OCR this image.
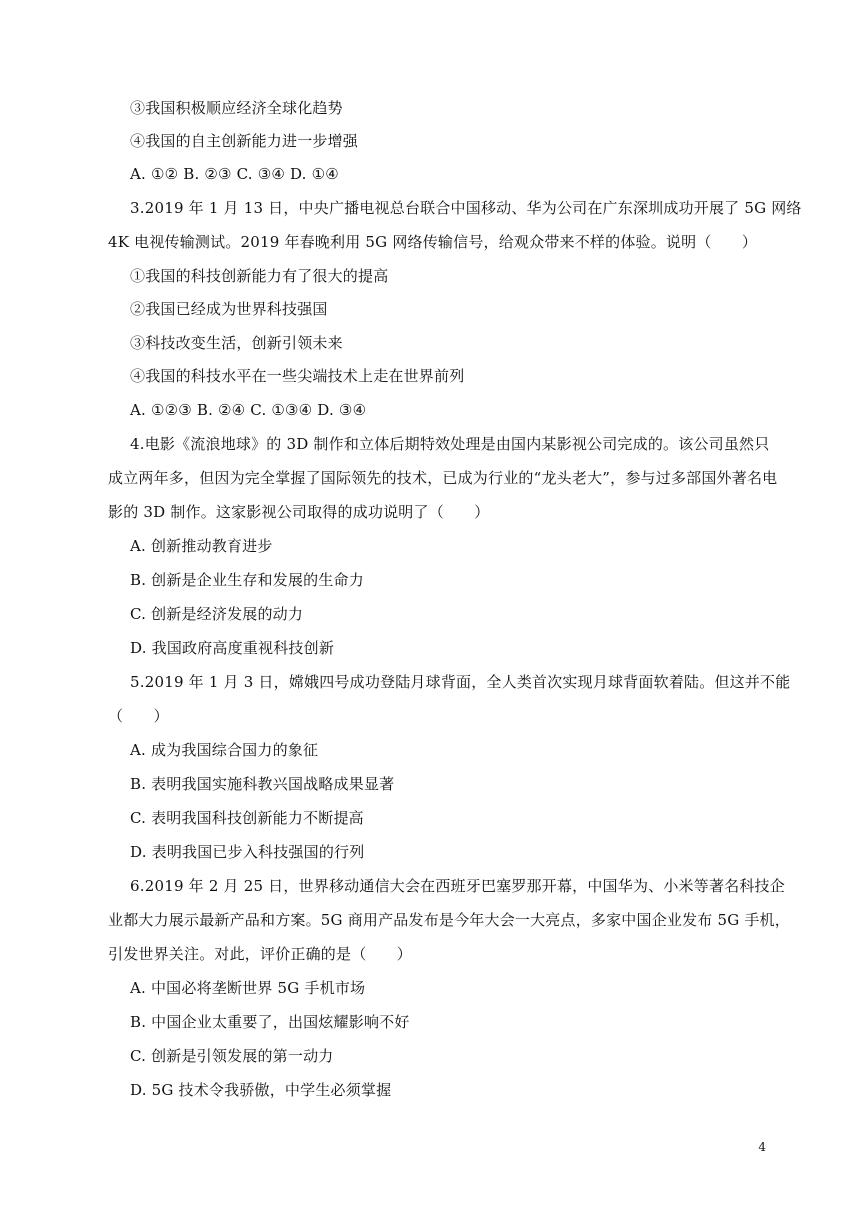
③我国积极顺应经济全球化趋势
④我国的自主创新能力进一步增强
A. ①② B. ②③ C. ③④ D. ①④
3.2019 年 1 月 13 日，中央广播电视总台联合中国移动、华为公司在广东深圳成功开展了 5G 网络
4K 电视传输测试。2019 年春晚利用 5G 网络传输信号，给观众带来不样的体验。说明（　　）
①我国的科技创新能力有了很大的提高
②我国已经成为世界科技强国
③科技改变生活，创新引领未来
④我国的科技水平在一些尖端技术上走在世界前列
A. ①②③ B. ②④ C. ①③④ D. ③④
4.电影《流浪地球》的 3D 制作和立体后期特效处理是由国内某影视公司完成的。该公司虽然只
成立两年多，但因为完全掌握了国际领先的技术，已成为行业的“龙头老大”，参与过多部国外著名电
影的 3D 制作。这家影视公司取得的成功说明了（　　）
A. 创新推动教育进步
B. 创新是企业生存和发展的生命力
C. 创新是经济发展的动力
D. 我国政府高度重视科技创新
5.2019 年 1 月 3 日，嫦娥四号成功登陆月球背面，全人类首次实现月球背面软着陆。但这并不能
（　　）
A. 成为我国综合国力的象征
B. 表明我国实施科教兴国战略成果显著
C. 表明我国科技创新能力不断提高
D. 表明我国已步入科技强国的行列
6.2019 年 2 月 25 日，世界移动通信大会在西班牙巴塞罗那开幕，中国华为、小米等著名科技企
业都大力展示最新产品和方案。5G 商用产品发布是今年大会一大亮点，多家中国企业发布 5G 手机，
引发世界关注。对此，评价正确的是（　　）
A. 中国必将垄断世界 5G 手机市场
B. 中国企业太重要了，出国炫耀影响不好
C. 创新是引领发展的第一动力
D. 5G 技术令我骄傲，中学生必须掌握
4
